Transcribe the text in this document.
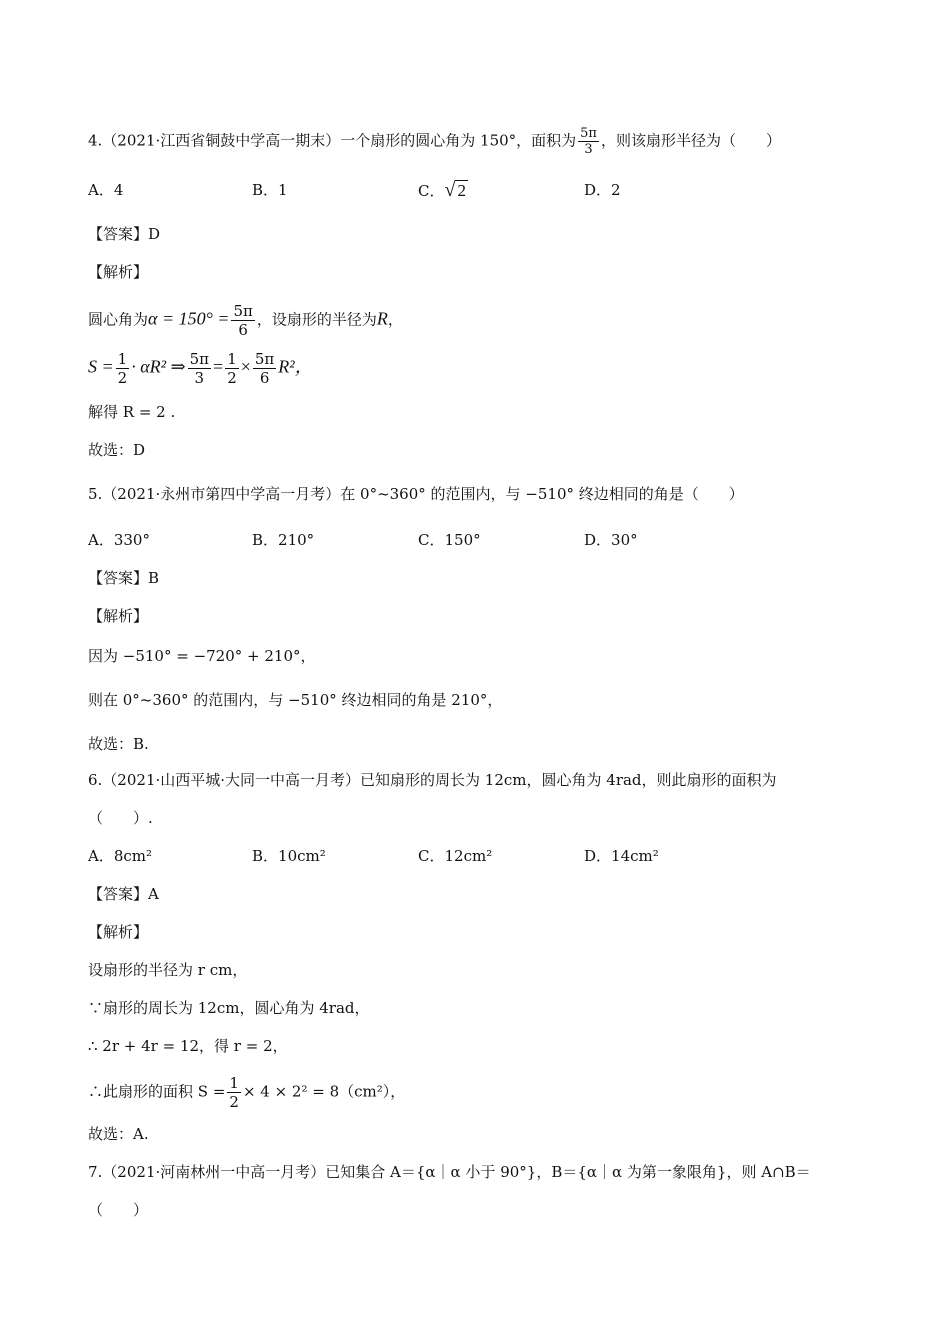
4.（2021·江西省铜鼓中学高一期末）一个扇形的圆心角为 150°，面积为 $\frac{5\pi}{3}$ ，则该扇形半径为（　　）
A．4	B．1	C．√ 2	D．2
【答案】D
【解析】
圆心角为$\alpha = 150^\circ = \frac{5\pi}{6}$ ，设扇形的半径为R，
$S = \frac{1}{2} \cdot \alpha R^2$ ⇒ $\frac{5\pi}{3} = \frac{1}{2} \times \frac{5\pi}{6} R^2$，
解得 R = 2 .
故选：D
5.（2021·永州市第四中学高一月考）在 0°~360° 的范围内，与 −510° 终边相同的角是（　　）
A．330°	B．210°	C．150°	D．30°
【答案】B
【解析】
因为 −510° = −720° + 210°，
则在 0°~360° 的范围内，与 −510° 终边相同的角是 210°，
故选：B.
6.（2021·山西平城·大同一中高一月考）已知扇形的周长为 12cm，圆心角为 4rad，则此扇形的面积为
（　　）.
A．8cm²	B．10cm²	C．12cm²	D．14cm²
【答案】A
【解析】
设扇形的半径为 r cm，
∵扇形的周长为 12cm，圆心角为 4rad，
∴ 2r + 4r = 12，得 r = 2，
∴此扇形的面积 $S = \frac{1}{2} \times 4 \times 2^2 = 8(cm^2)$，
故选：A.
7.（2021·河南林州一中高一月考）已知集合 A＝{α｜α 小于 90°}，B＝{α｜α 为第一象限角}，则 A∩B＝
（　　）
